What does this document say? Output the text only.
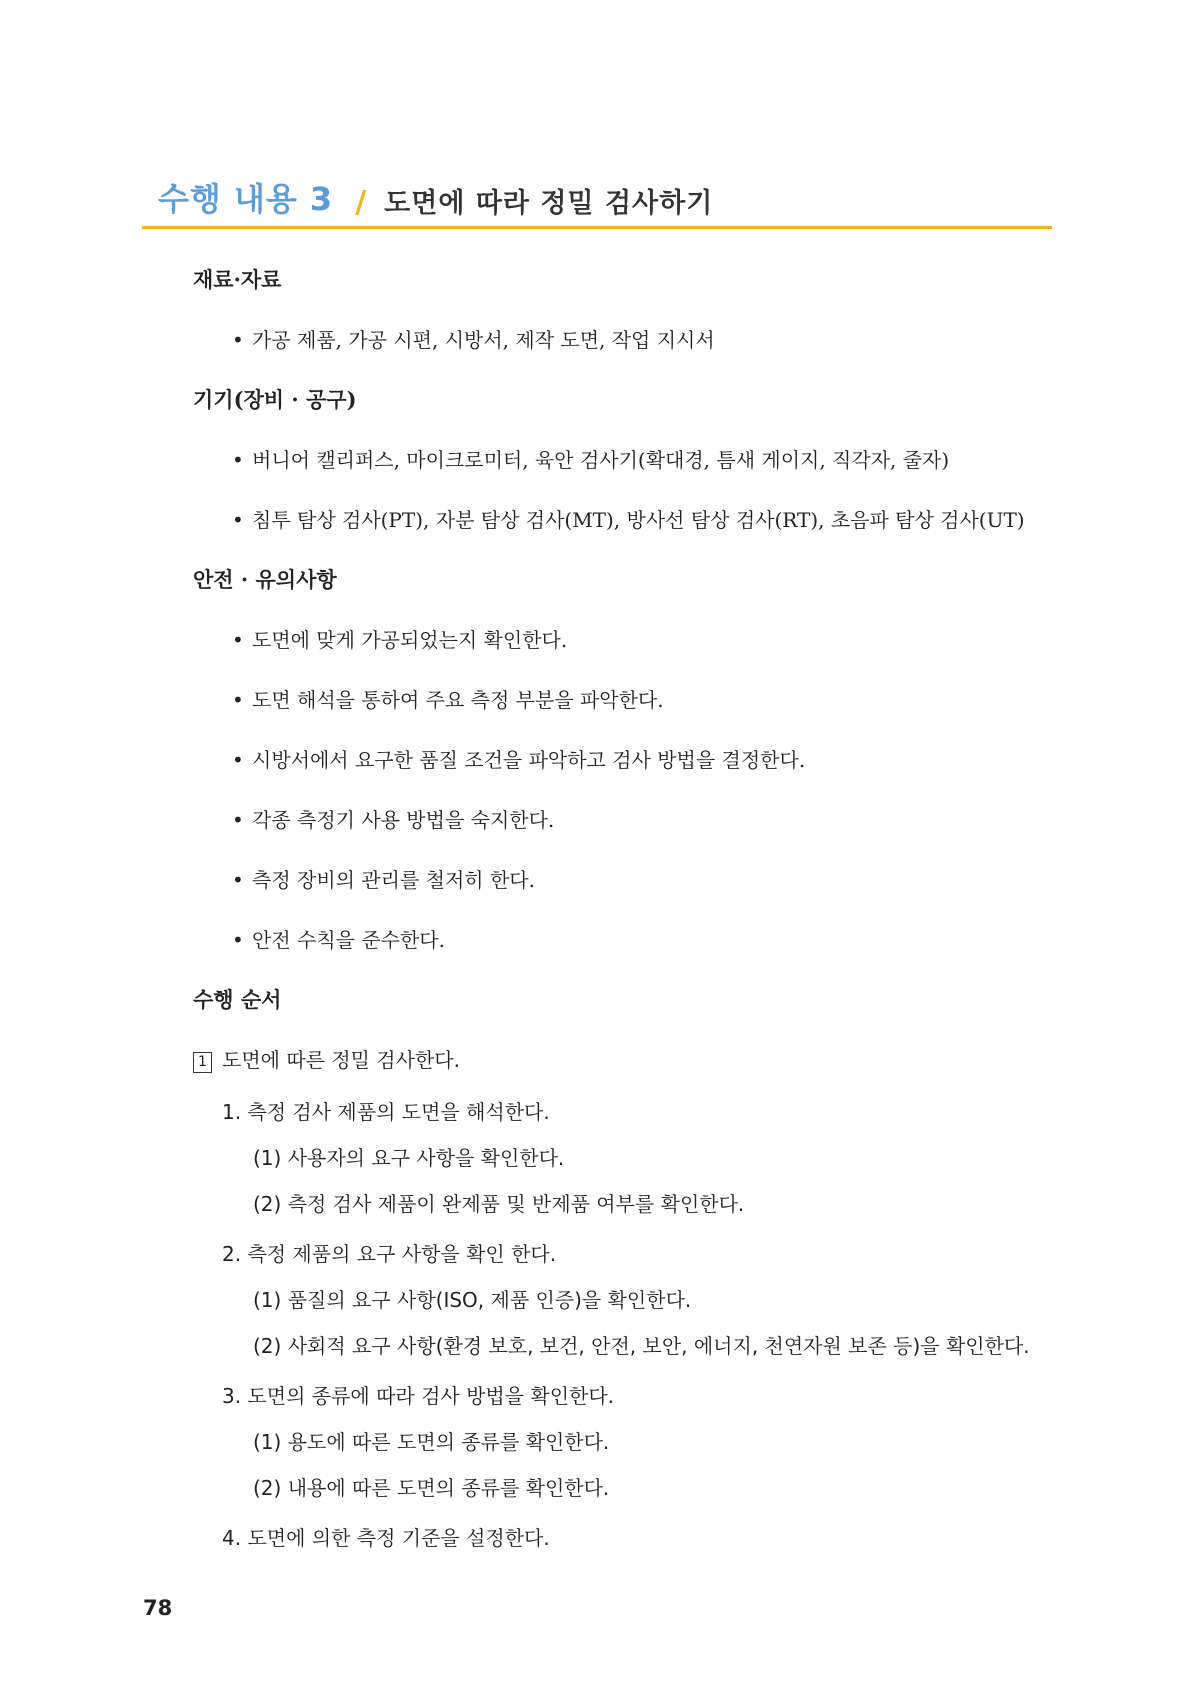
수행 내용 3 / 도면에 따라 정밀 검사하기
재료·자료
• 가공 제품, 가공 시편, 시방서, 제작 도면, 작업 지시서
기기(장비 · 공구)
• 버니어 캘리퍼스, 마이크로미터, 육안 검사기(확대경, 틈새 게이지, 직각자, 줄자)
• 침투 탐상 검사(PT), 자분 탐상 검사(MT), 방사선 탐상 검사(RT), 초음파 탐상 검사(UT)
안전 · 유의사항
• 도면에 맞게 가공되었는지 확인한다.
• 도면 해석을 통하여 주요 측정 부분을 파악한다.
• 시방서에서 요구한 품질 조건을 파악하고 검사 방법을 결정한다.
• 각종 측정기 사용 방법을 숙지한다.
• 측정 장비의 관리를 철저히 한다.
• 안전 수칙을 준수한다.
수행 순서
1 도면에 따른 정밀 검사한다.
1. 측정 검사 제품의 도면을 해석한다.
(1) 사용자의 요구 사항을 확인한다.
(2) 측정 검사 제품이 완제품 및 반제품 여부를 확인한다.
2. 측정 제품의 요구 사항을 확인 한다.
(1) 품질의 요구 사항(ISO, 제품 인증)을 확인한다.
(2) 사회적 요구 사항(환경 보호, 보건, 안전, 보안, 에너지, 천연자원 보존 등)을 확인한다.
3. 도면의 종류에 따라 검사 방법을 확인한다.
(1) 용도에 따른 도면의 종류를 확인한다.
(2) 내용에 따른 도면의 종류를 확인한다.
4. 도면에 의한 측정 기준을 설정한다.
78
